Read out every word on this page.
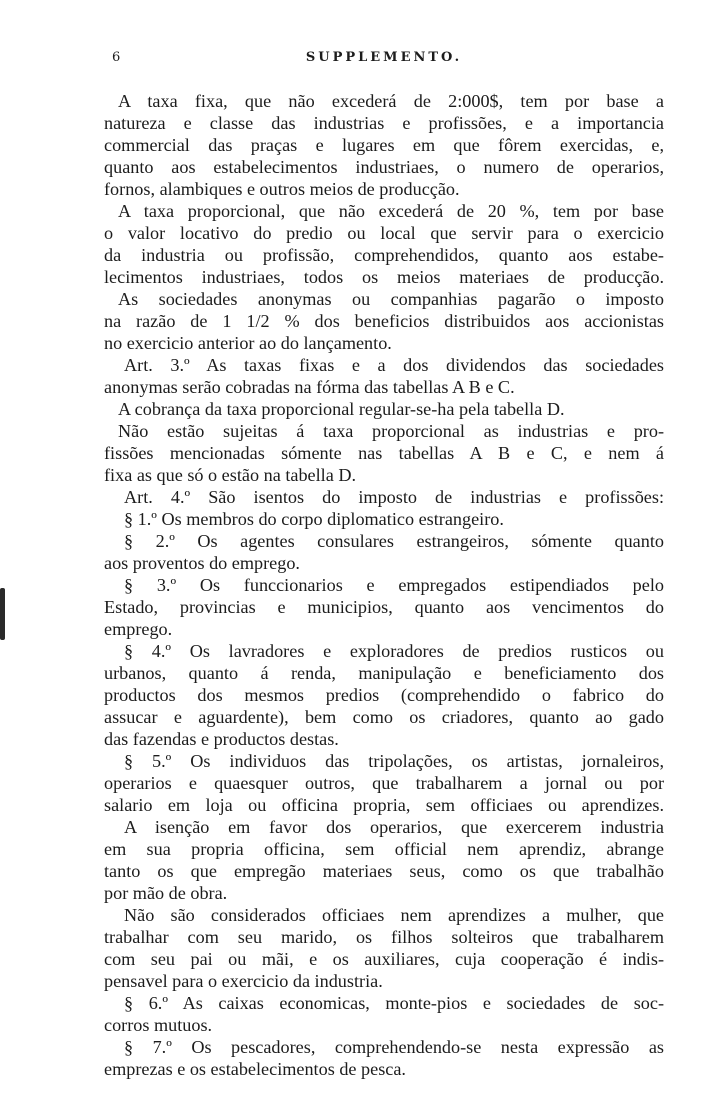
6	SUPPLEMENTO.
A taxa fixa, que não excederá de 2:000$, tem por base a
natureza e classe das industrias e profissões, e a importancia
commercial das praças e lugares em que fôrem exercidas, e,
quanto aos estabelecimentos industriaes, o numero de operarios,
fornos, alambiques e outros meios de producção.
A taxa proporcional, que não excederá de 20 %, tem por base
o valor locativo do predio ou local que servir para o exercicio
da industria ou profissão, comprehendidos, quanto aos estabe-
lecimentos industriaes, todos os meios materiaes de producção.
As sociedades anonymas ou companhias pagarão o imposto
na razão de 1 1/2 % dos beneficios distribuidos aos accionistas
no exercicio anterior ao do lançamento.
Art. 3.º As taxas fixas e a dos dividendos das sociedades
anonymas serão cobradas na fórma das tabellas A B e C.
A cobrança da taxa proporcional regular-se-ha pela tabella D.
Não estão sujeitas á taxa proporcional as industrias e pro-
fissões mencionadas sómente nas tabellas A B e C, e nem á
fixa as que só o estão na tabella D.
Art. 4.º São isentos do imposto de industrias e profissões:
§ 1.º Os membros do corpo diplomatico estrangeiro.
§ 2.º Os agentes consulares estrangeiros, sómente quanto
aos proventos do emprego.
§ 3.º Os funccionarios e empregados estipendiados pelo
Estado, provincias e municipios, quanto aos vencimentos do
emprego.
§ 4.º Os lavradores e exploradores de predios rusticos ou
urbanos, quanto á renda, manipulação e beneficiamento dos
productos dos mesmos predios (comprehendido o fabrico do
assucar e aguardente), bem como os criadores, quanto ao gado
das fazendas e productos destas.
§ 5.º Os individuos das tripolações, os artistas, jornaleiros,
operarios e quaesquer outros, que trabalharem a jornal ou por
salario em loja ou officina propria, sem officiaes ou aprendizes.
A isenção em favor dos operarios, que exercerem industria
em sua propria officina, sem official nem aprendiz, abrange
tanto os que empregão materiaes seus, como os que trabalhão
por mão de obra.
Não são considerados officiaes nem aprendizes a mulher, que
trabalhar com seu marido, os filhos solteiros que trabalharem
com seu pai ou mãi, e os auxiliares, cuja cooperação é indis-
pensavel para o exercicio da industria.
§ 6.º As caixas economicas, monte-pios e sociedades de soc-
corros mutuos.
§ 7.º Os pescadores, comprehendendo-se nesta expressão as
emprezas e os estabelecimentos de pesca.
